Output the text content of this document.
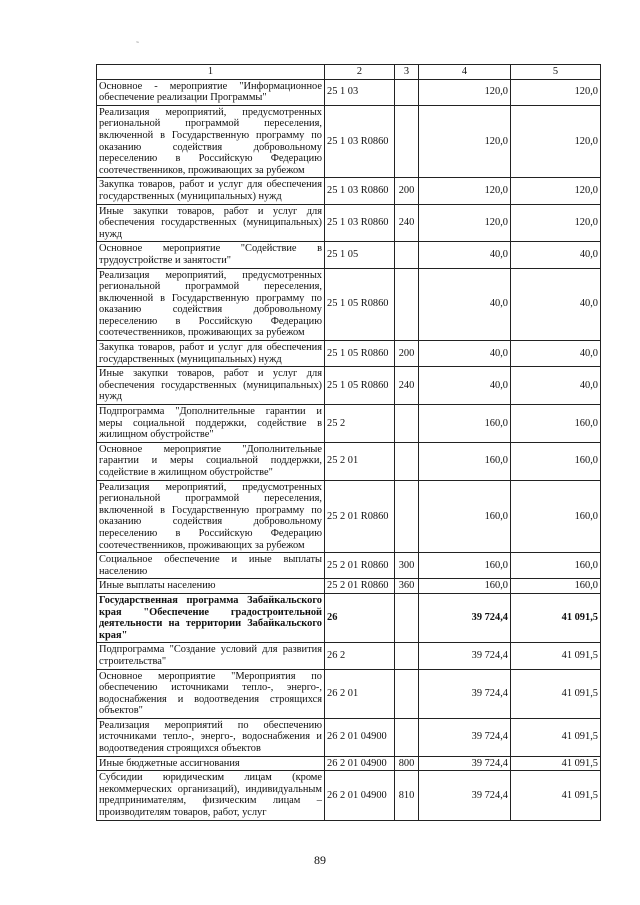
1	2	3	4	5
Основное - мероприятие "Информационное обеспечение реализации Программы"	25 1 03		120,0	120,0
Реализация мероприятий, предусмотренных региональной программой переселения, включенной в Государственную программу по оказанию содействия добровольному переселению в Российскую Федерацию соотечественников, проживающих за рубежом	25 1 03 R0860		120,0	120,0
Закупка товаров, работ и услуг для обеспечения государственных (муниципальных) нужд	25 1 03 R0860	200	120,0	120,0
Иные закупки товаров, работ и услуг для обеспечения государственных (муниципальных) нужд	25 1 03 R0860	240	120,0	120,0
Основное мероприятие "Содействие в трудоустройстве и занятости"	25 1 05		40,0	40,0
Реализация мероприятий, предусмотренных региональной программой переселения, включенной в Государственную программу по оказанию содействия добровольному переселению в Российскую Федерацию соотечественников, проживающих за рубежом	25 1 05 R0860		40,0	40,0
Закупка товаров, работ и услуг для обеспечения государственных (муниципальных) нужд	25 1 05 R0860	200	40,0	40,0
Иные закупки товаров, работ и услуг для обеспечения государственных (муниципальных) нужд	25 1 05 R0860	240	40,0	40,0
Подпрограмма "Дополнительные гарантии и меры социальной поддержки, содействие в жилищном обустройстве"	25 2		160,0	160,0
Основное мероприятие "Дополнительные гарантии и меры социальной поддержки, содействие в жилищном обустройстве"	25 2 01		160,0	160,0
Реализация мероприятий, предусмотренных региональной программой переселения, включенной в Государственную программу по оказанию содействия добровольному переселению в Российскую Федерацию соотечественников, проживающих за рубежом	25 2 01 R0860		160,0	160,0
Социальное обеспечение и иные выплаты населению	25 2 01 R0860	300	160,0	160,0
Иные выплаты населению	25 2 01 R0860	360	160,0	160,0
Государственная программа Забайкальского края "Обеспечение градостроительной деятельности на территории Забайкальского края"	26		39 724,4	41 091,5
Подпрограмма "Создание условий для развития строительства"	26 2		39 724,4	41 091,5
Основное мероприятие "Мероприятия по обеспечению источниками тепло-, энерго-, водоснабжения и водоотведения строящихся объектов"	26 2 01		39 724,4	41 091,5
Реализация мероприятий по обеспечению источниками тепло-, энерго-, водоснабжения и водоотведения строящихся объектов	26 2 01 04900		39 724,4	41 091,5
Иные бюджетные ассигнования	26 2 01 04900	800	39 724,4	41 091,5
Субсидии юридическим лицам (кроме некоммерческих организаций), индивидуальным предпринимателям, физическим лицам – производителям товаров, работ, услуг	26 2 01 04900	810	39 724,4	41 091,5
89
˜
